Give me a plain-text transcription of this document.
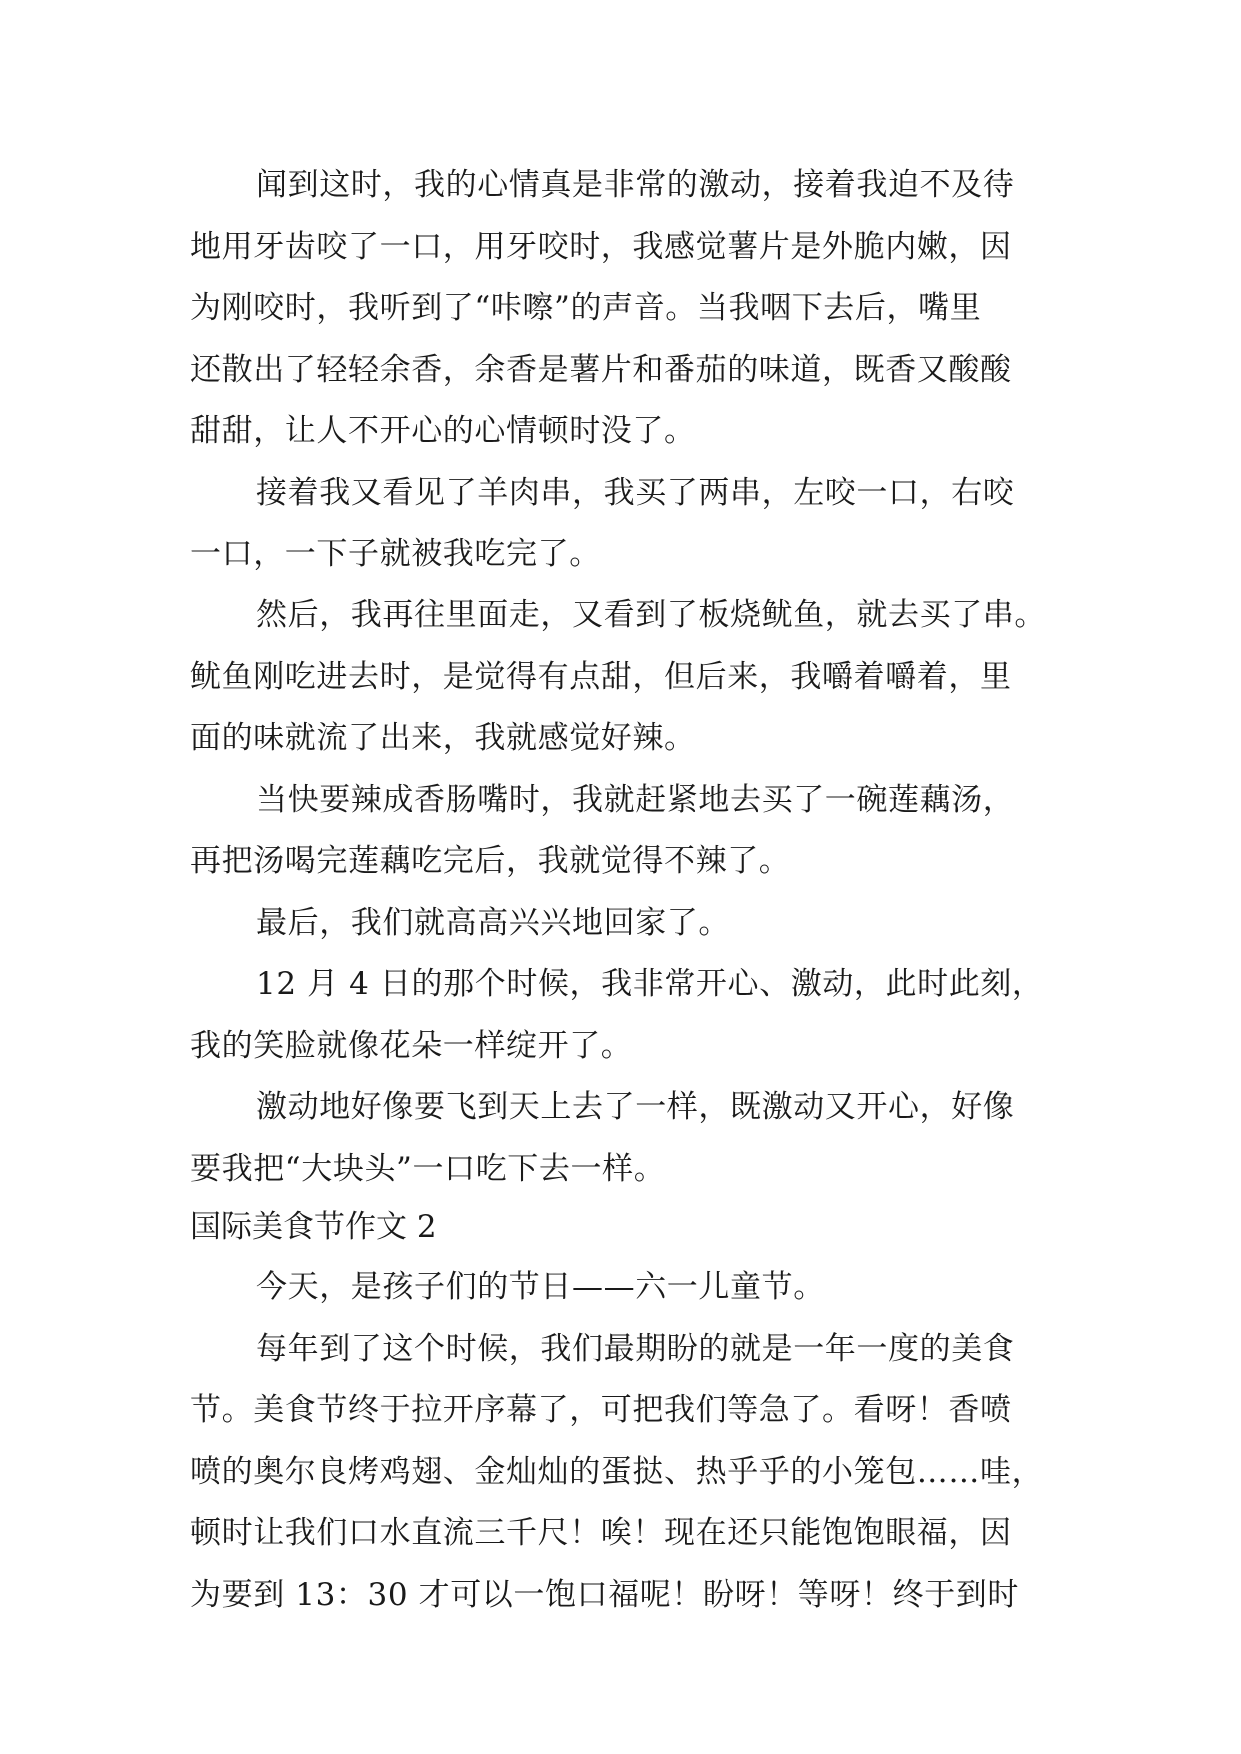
闻到这时，我的心情真是非常的激动，接着我迫不及待
地用牙齿咬了一口，用牙咬时，我感觉薯片是外脆内嫩，因
为刚咬时，我听到了“咔嚓”的声音。当我咽下去后，嘴里
还散出了轻轻余香，余香是薯片和番茄的味道，既香又酸酸
甜甜，让人不开心的心情顿时没了。
接着我又看见了羊肉串，我买了两串，左咬一口，右咬
一口，一下子就被我吃完了。
然后，我再往里面走，又看到了板烧鱿鱼，就去买了串。
鱿鱼刚吃进去时，是觉得有点甜，但后来，我嚼着嚼着，里
面的味就流了出来，我就感觉好辣。
当快要辣成香肠嘴时，我就赶紧地去买了一碗莲藕汤，
再把汤喝完莲藕吃完后，我就觉得不辣了。
最后，我们就高高兴兴地回家了。
12 月 4 日的那个时候，我非常开心、激动，此时此刻，
我的笑脸就像花朵一样绽开了。
激动地好像要飞到天上去了一样，既激动又开心，好像
要我把“大块头”一口吃下去一样。
国际美食节作文 2
今天，是孩子们的节日——六一儿童节。
每年到了这个时候，我们最期盼的就是一年一度的美食
节。美食节终于拉开序幕了，可把我们等急了。看呀！香喷
喷的奥尔良烤鸡翅、金灿灿的蛋挞、热乎乎的小笼包……哇，
顿时让我们口水直流三千尺！唉！现在还只能饱饱眼福，因
为要到 13：30 才可以一饱口福呢！盼呀！等呀！终于到时
